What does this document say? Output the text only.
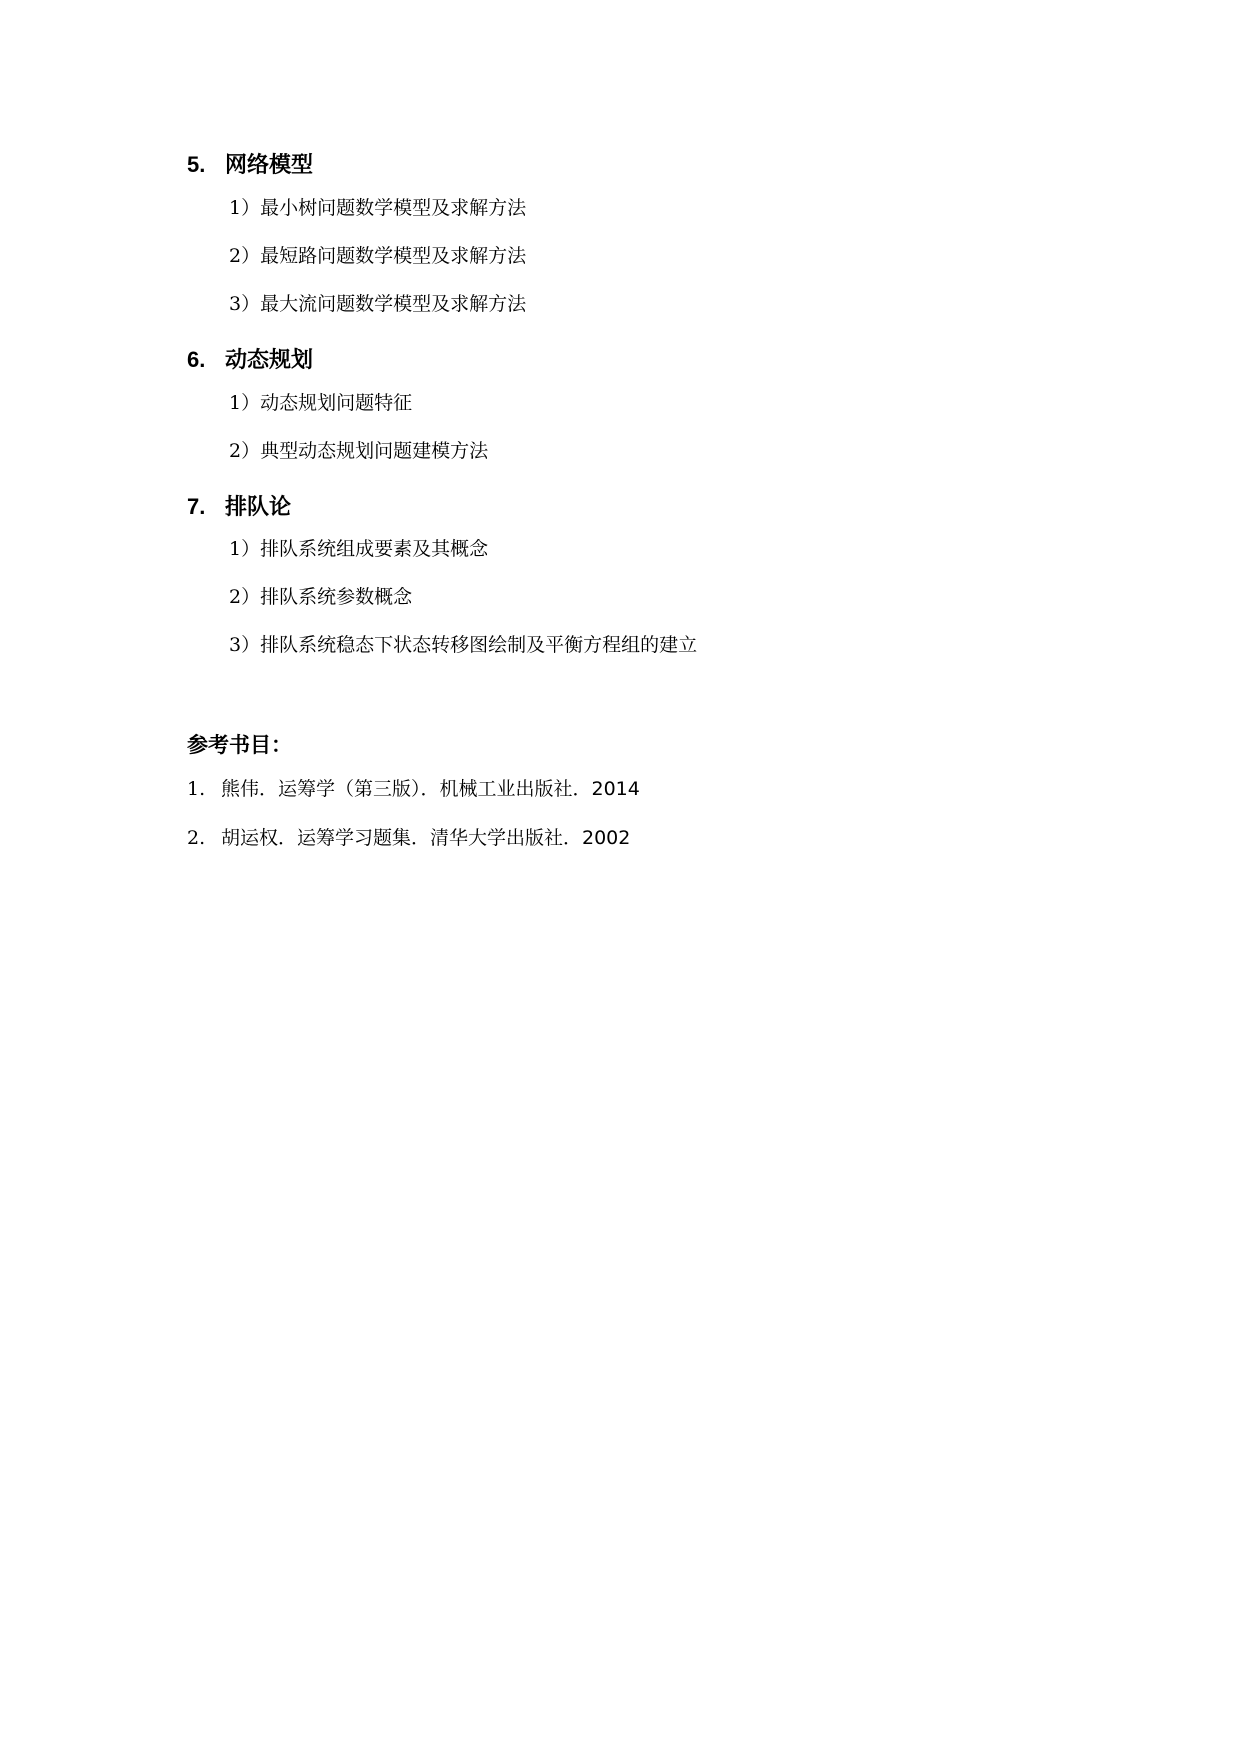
5. 网络模型
1）最小树问题数学模型及求解方法
2）最短路问题数学模型及求解方法
3）最大流问题数学模型及求解方法
6. 动态规划
1）动态规划问题特征
2）典型动态规划问题建模方法
7. 排队论
1）排队系统组成要素及其概念
2）排队系统参数概念
3）排队系统稳态下状态转移图绘制及平衡方程组的建立
参考书目：
1. 熊伟．运筹学（第三版）．机械工业出版社．2014
2. 胡运权．运筹学习题集．清华大学出版社．2002
